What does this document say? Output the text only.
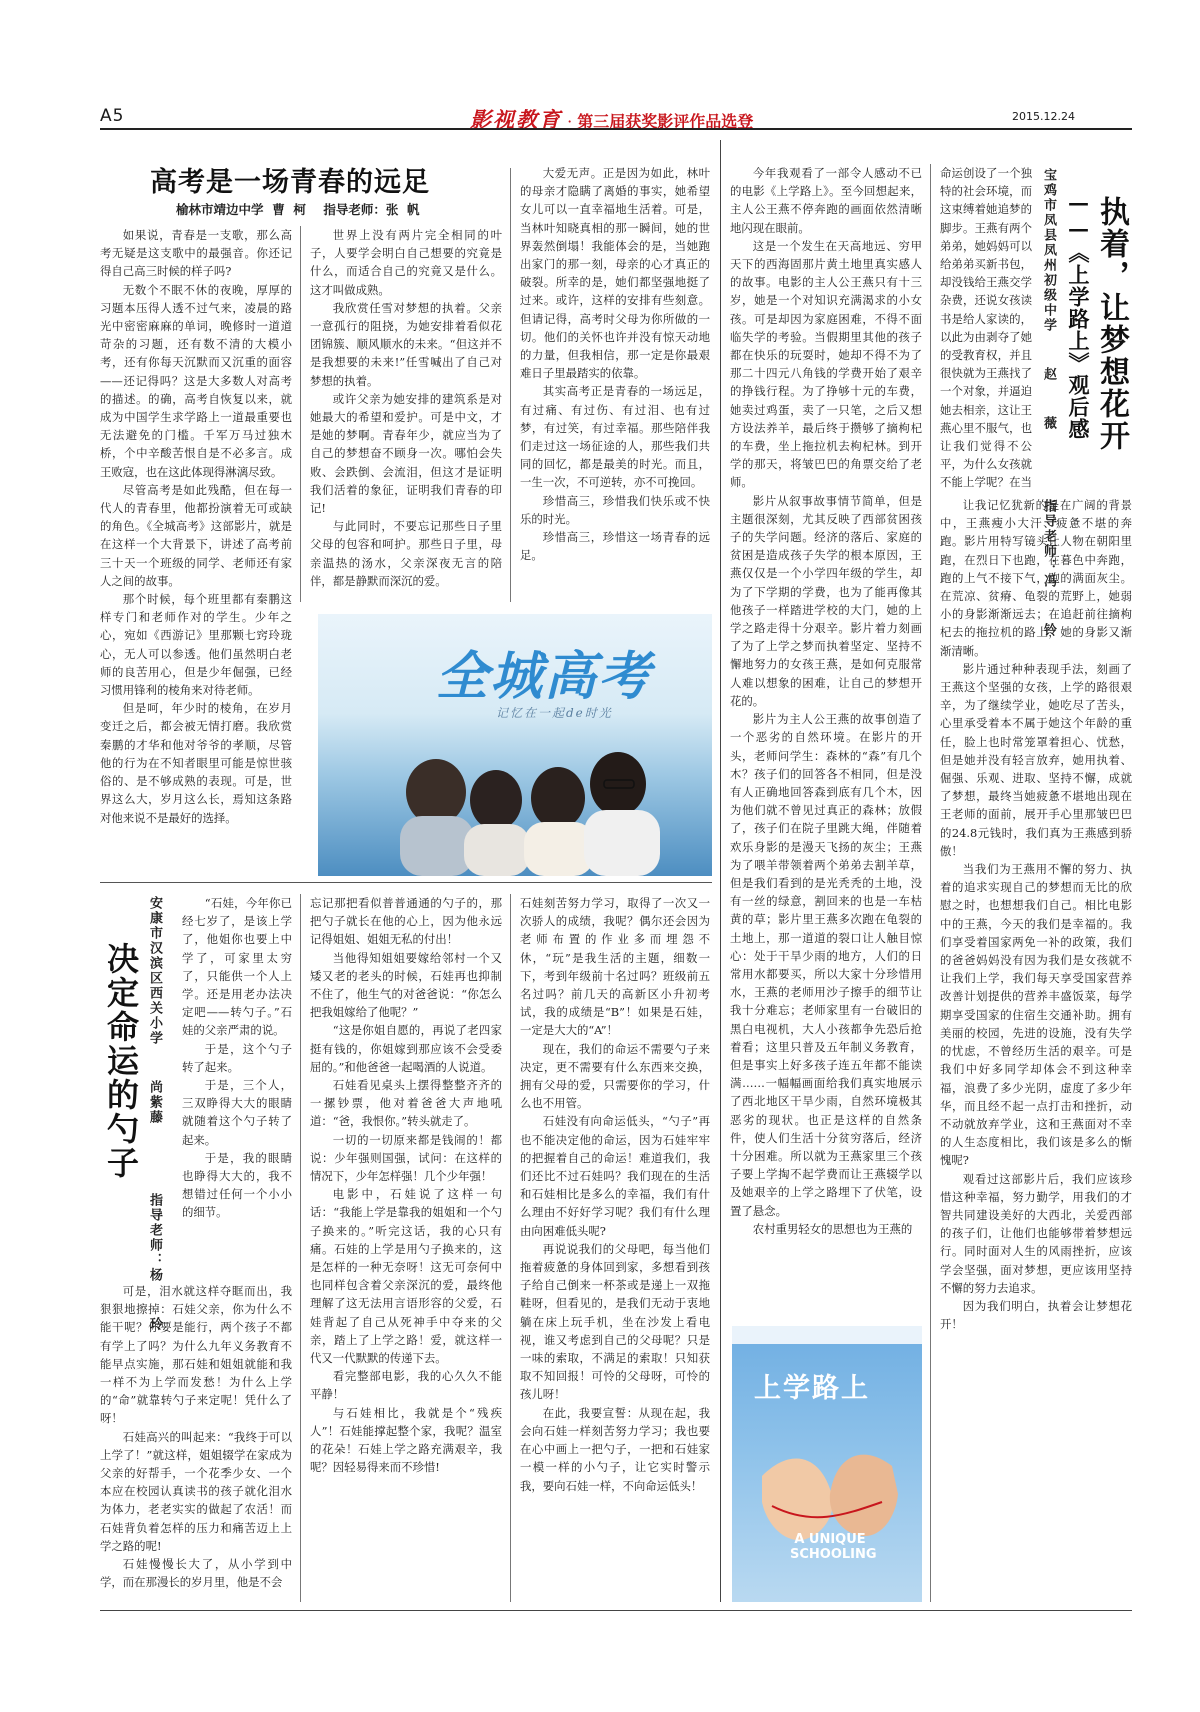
A5	影视教育 · 第三届获奖影评作品选登	2015.12.24
高考是一场青春的远足
榆林市靖边中学  曹  柯    指导老师：张  帆

如果说，青春是一支歌，那么高考无疑是这支歌中的最强音。你还记得自己高三时候的样子吗?

无数个不眠不休的夜晚，厚厚的习题本压得人透不过气来，凌晨的路光中密密麻麻的单词，晚修时一道道苛杂的习题，还有数不清的大模小考，还有你每天沉默而又沉重的面容——还记得吗？这是大多数人对高考的描述。的确，高考自恢复以来，就成为中国学生求学路上一道最重要也无法避免的门槛。千军万马过独木桥，个中辛酸苦恨自是不必多言。成王败寇，也在这此体现得淋漓尽致。

尽管高考是如此残酷，但在每一代人的青春里，他都扮演着无可或缺的角色。《全城高考》这部影片，就是在这样一个大背景下，讲述了高考前三十天一个班级的同学、老师还有家人之间的故事。

那个时候，每个班里都有秦鹏这样专门和老师作对的学生。少年之心，宛如《西游记》里那颗七窍玲珑心，无人可以参透。他们虽然明白老师的良苦用心，但是少年倔强，已经习惯用锋利的棱角来对待老师。

但是呵，年少时的棱角，在岁月变迁之后，都会被无情打磨。我欣赏秦鹏的才华和他对爷爷的孝顺，尽管他的行为在不知者眼里可能是惊世骇俗的、是不够成熟的表现。可是，世界这么大，岁月这么长，焉知这条路对他来说不是最好的选择。

世界上没有两片完全相同的叶子，人要学会明白自己想要的究竟是什么，而适合自己的究竟又是什么。这才叫做成熟。

我欣赏任雪对梦想的执着。父亲一意孤行的阻挠，为她安排着看似花团锦簇、顺风顺水的未来。“但这并不是我想要的未来!”任雪喊出了自己对梦想的执着。

或许父亲为她安排的建筑系是对她最大的希望和爱护。可是中文，才是她的梦啊。青春年少，就应当为了自己的梦想奋不顾身一次。哪怕会失败、会跌倒、会流泪，但这才是证明我们活着的象征，证明我们青春的印记!

与此同时，不要忘记那些日子里父母的包容和呵护。那些日子里，母亲温热的汤水，父亲深夜无言的陪伴，都是静默而深沉的爱。

大爱无声。正是因为如此，林叶的母亲才隐瞒了离婚的事实，她希望女儿可以一直幸福地生活着。可是，当林叶知晓真相的那一瞬间，她的世界轰然倒塌！我能体会的是，当她跑出家门的那一刻，母亲的心才真正的破裂。所幸的是，她们都坚强地挺了过来。或许，这样的安排有些刻意。但请记得，高考时父母为你所做的一切。他们的关怀也许并没有惊天动地的力量，但我相信，那一定是你最艰难日子里最踏实的依靠。

其实高考正是青春的一场远足，有过痛、有过伤、有过泪、也有过梦，有过笑，有过幸福。那些陪伴我们走过这一场征途的人，那些我们共同的回忆，都是最美的时光。而且，一生一次，不可逆转，亦不可挽回。

珍惜高三，珍惜我们快乐或不快乐的时光。

珍惜高三，珍惜这一场青春的远足。

全城高考
记忆在一起de时光
决定命运的勺子 安康市汉滨区西关小学  尚紫藤    指导老师：杨  玲	“石娃，今年你已经七岁了，是该上学了，他姐你也要上中学了，可家里太穷了，只能供一个人上学。还是用老办法决定吧——转勺子。”石娃的父亲严肃的说。

于是，这个勺子转了起来。

于是，三个人，三双睁得大大的眼睛就随着这个勺子转了起来。

于是，我的眼睛也睁得大大的，我不想错过任何一个小小的细节。

可是，泪水就这样夺眶而出，我狠狠地擦掉：石娃父亲，你为什么不能干呢？你要是能行，两个孩子不都有学上了吗？为什么九年义务教育不能早点实施，那石娃和姐姐就能和我一样不为上学而发愁！为什么上学的“命”就靠转勺子来定呢！凭什么了呀！

石娃高兴的叫起来：“我终于可以上学了！”就这样，姐姐辍学在家成为父亲的好帮手，一个花季少女、一个本应在校园认真读书的孩子就化泪水为体力，老老实实的做起了农活！而石娃背负着怎样的压力和痛苦迈上上学之路的呢!

石娃慢慢长大了，从小学到中学，而在那漫长的岁月里，他是不会

忘记那把看似普普通通的勺子的，那把勺子就长在他的心上，因为他永远记得姐姐、姐姐无私的付出！

当他得知姐姐要嫁给邻村一个又矮又老的老头的时候，石娃再也抑制不住了，他生气的对爸爸说：“你怎么把我姐嫁给了他呢？”

“这是你姐自愿的，再说了老四家挺有钱的，你姐嫁到那应该不会受委屈的。”和他爸爸一起喝酒的人说道。

石娃看见桌头上摆得整整齐齐的一摞钞票，他对着爸爸大声地吼道：“爸，我恨你。”转头就走了。

一切的一切原来都是钱闹的！都说：少年强则国强，试问：在这样的情况下，少年怎样强！几个少年强！

电影中，石娃说了这样一句话：“我能上学是靠我的姐姐和一个勺子换来的。”听完这话，我的心只有痛。石娃的上学是用勺子换来的，这是怎样的一种无奈呀！这无可奈何中也同样包含着父亲深沉的爱，最终他理解了这无法用言语形容的父爱，石娃背起了自己从死神手中夺来的父亲，踏上了上学之路！爱，就这样一代又一代默默的传递下去。

看完整部电影，我的心久久不能平静！

与石娃相比，我就是个“残疾人”！石娃能撑起整个家，我呢？温室的花朵！石娃上学之路充满艰辛，我呢？因轻易得来而不珍惜!

石娃刻苦努力学习，取得了一次又一次骄人的成绩，我呢？偶尔还会因为老师布置的作业多而埋怨不休，“玩”是我生活的主题，细数一下，考到年级前十名过吗？班级前五名过吗？前几天的高新区小升初考试，我的成绩是“B”！如果是石娃，一定是大大的“A”！

现在，我们的命运不需要勺子来决定，更不需要有什么东西来交换，拥有父母的爱，只需要你的学习，什么也不用管。

石娃没有向命运低头，“勺子”再也不能决定他的命运，因为石娃牢牢的把握着自己的命运！难道我们，我们还比不过石娃吗？我们现在的生活和石娃相比是多么的幸福，我们有什么理由不好好学习呢？我们有什么理由向困难低头呢?

再说说我们的父母吧，每当他们拖着疲惫的身体回到家，多想看到孩子给自己倒来一杯茶或是递上一双拖鞋呀，但看见的，是我们无动于衷地躺在床上玩手机，坐在沙发上看电视，谁又考虑到自己的父母呢？只是一味的索取，不满足的索取！只知获取不知回报！可怜的父母呀，可怜的孩儿呀！

在此，我要宣誓：从现在起，我会向石娃一样刻苦努力学习；我也要在心中画上一把勺子，一把和石娃家一模一样的小勺子，让它实时警示我，要向石娃一样，不向命运低头！

今年我观看了一部令人感动不已的电影《上学路上》。至今回想起来，主人公王燕不停奔跑的画面依然清晰地闪现在眼前。

这是一个发生在天高地远、穷甲天下的西海固那片黄土地里真实感人的故事。电影的主人公王燕只有十三岁，她是一个对知识充满渴求的小女孩。可是却因为家庭困难，不得不面临失学的考验。当假期里其他的孩子都在快乐的玩耍时，她却不得不为了那二十四元八角钱的学费开始了艰辛的挣钱行程。为了挣够十元的车费，她卖过鸡蛋，卖了一只笔，之后又想方设法养羊，最后终于攒够了摘枸杞的车费，坐上拖拉机去枸杞林。到开学的那天，将皱巴巴的角票交给了老师。

影片从叙事故事情节简单，但是主题很深刻，尤其反映了西部贫困孩子的失学问题。经济的落后、家庭的贫困是造成孩子失学的根本原因，王燕仅仅是一个小学四年级的学生，却为了下学期的学费，也为了能再像其他孩子一样踏进学校的大门，她的上学之路走得十分艰辛。影片着力刻画了为了上学之梦而执着坚定、坚持不懈地努力的女孩王燕，是如何克服常人难以想象的困难，让自己的梦想开花的。

影片为主人公王燕的故事创造了一个恶劣的自然环境。在影片的开头，老师问学生：森林的“森”有几个木？孩子们的回答各不相同，但是没有人正确地回答森到底有几个木，因为他们就不曾见过真正的森林；放假了，孩子们在院子里跳大绳，伴随着欢乐身影的是漫天飞扬的灰尘；王燕为了喂羊带领着两个弟弟去割羊草，但是我们看到的是光秃秃的土地，没有一丝的绿意，割回来的也是一车枯黄的草；影片里王燕多次跑在龟裂的土地上，那一道道的裂口让人触目惊心：处于干旱少雨的地方，人们的日常用水都要买，所以大家十分珍惜用水，王燕的老师用沙子擦手的细节让我十分难忘；老师家里有一台破旧的黑白电视机，大人小孩都争先恐后抢着看；这里只普及五年制义务教育，但是事实上好多孩子连五年都不能读满……一幅幅画面给我们真实地展示了西北地区干旱少雨，自然环境极其恶劣的现状。也正是这样的自然条件，使人们生活十分贫穷落后，经济十分困难。所以就为王燕家里三个孩子要上学掏不起学费而让王燕辍学以及她艰辛的上学之路埋下了伏笔，设置了悬念。

农村重男轻女的思想也为王燕的

命运创设了一个独特的社会环境，而这束缚着她追梦的脚步。王燕有两个弟弟，她妈妈可以给弟弟买新书包，却没钱给王燕交学杂费，还说女孩读书是给人家读的，以此为由剥夺了她的受教育权，并且很快就为王燕找了一个对象，并逼迫她去相亲，这让王燕心里不服气，也让我们觉得不公平，为什么女孩就不能上学呢？在当 宝鸡市凤县凤州初级中学  赵  薇    指导老师：冯  铃 ——《上学路上》观后感 执着，让梦想花开

让我记忆犹新的是在广阔的背景中，王燕瘦小大汗、疲惫不堪的奔跑。影片用特写镜头让人物在朝阳里跑，在烈日下也跑，在暮色中奔跑，跑的上气不接下气，跑的满面灰尘。在荒凉、贫瘠、龟裂的荒野上，她弱小的身影渐渐远去；在追赶前往摘枸杞去的拖拉机的路上，她的身影又渐渐清晰。

影片通过种种表现手法，刻画了王燕这个坚强的女孩，上学的路很艰辛，为了继续学业，她吃尽了苦头，心里承受着本不属于她这个年龄的重任，脸上也时常笼罩着担心、忧愁，但是她并没有轻言放弃，她用执着、倔强、乐观、进取、坚持不懈，成就了梦想，最终当她疲惫不堪地出现在王老师的面前，展开手心里那皱巴巴的24.8元钱时，我们真为王燕感到骄傲！

当我们为王燕用不懈的努力、执着的追求实现自己的梦想而无比的欣慰之时，也想想我们自己。相比电影中的王燕，今天的我们是幸福的。我们享受着国家两免一补的政策，我们的爸爸妈妈没有因为我们是女孩就不让我们上学，我们每天享受国家营养改善计划提供的营养丰盛饭菜，每学期享受国家的住宿生交通补助。拥有美丽的校园，先进的设施，没有失学的忧虑，不曾经历生活的艰辛。可是我们中好多同学却体会不到这种幸福，浪费了多少光阴，虚度了多少年华，而且经不起一点打击和挫折，动不动就放弃学业，这和王燕面对不幸的人生态度相比，我们该是多么的惭愧呢?

观看过这部影片后，我们应该珍惜这种幸福，努力勤学，用我们的才智共同建设美好的大西北，关爱西部的孩子们，让他们也能够带着梦想远行。同时面对人生的风雨挫折，应该学会坚强，面对梦想，更应该用坚持不懈的努力去追求。

因为我们明白，执着会让梦想花开！

上学路上
A UNIQUE SCHOOLING
